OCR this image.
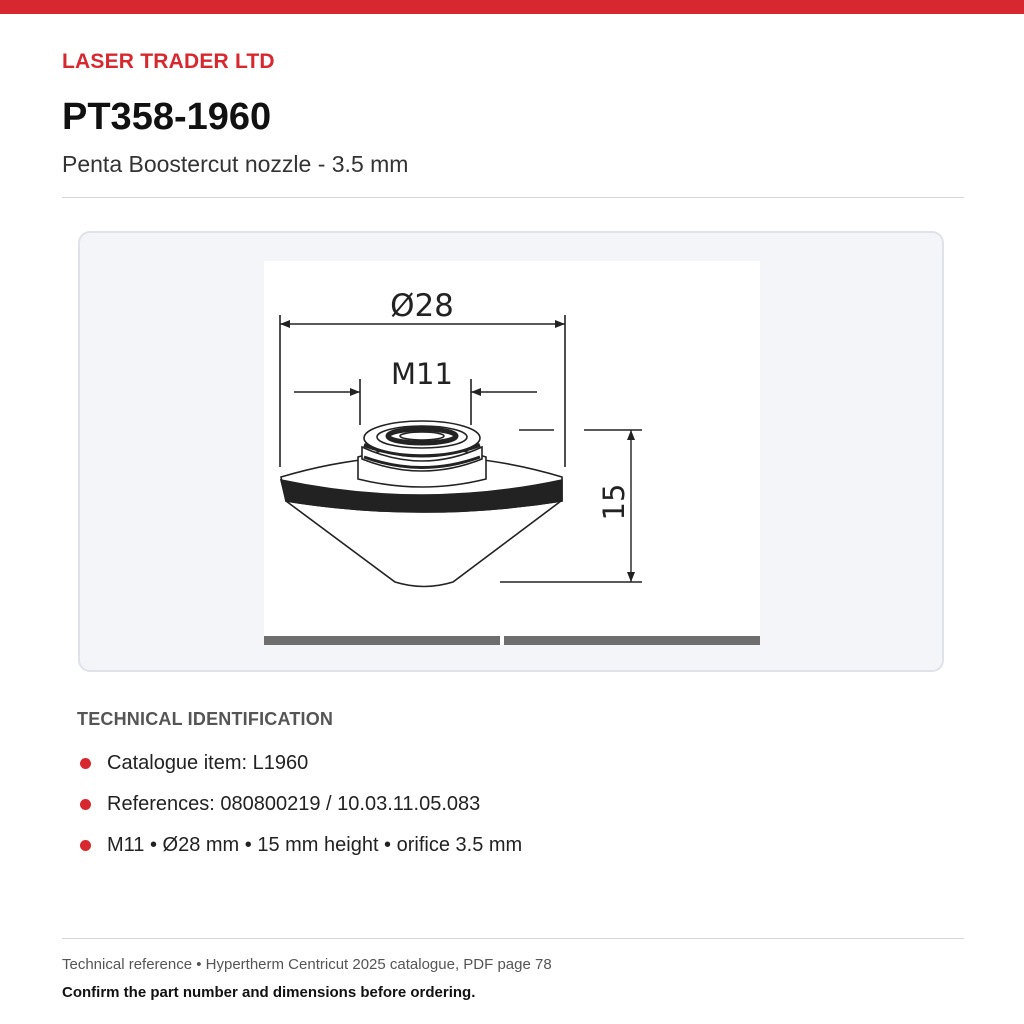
LASER TRADER LTD
PT358-1960
Penta Boostercut nozzle - 3.5 mm
Ø28
M11
15
TECHNICAL IDENTIFICATION
Catalogue item: L1960
References: 080800219 / 10.03.11.05.083
M11 • Ø28 mm • 15 mm height • orifice 3.5 mm
Technical reference • Hypertherm Centricut 2025 catalogue, PDF page 78
Confirm the part number and dimensions before ordering.
